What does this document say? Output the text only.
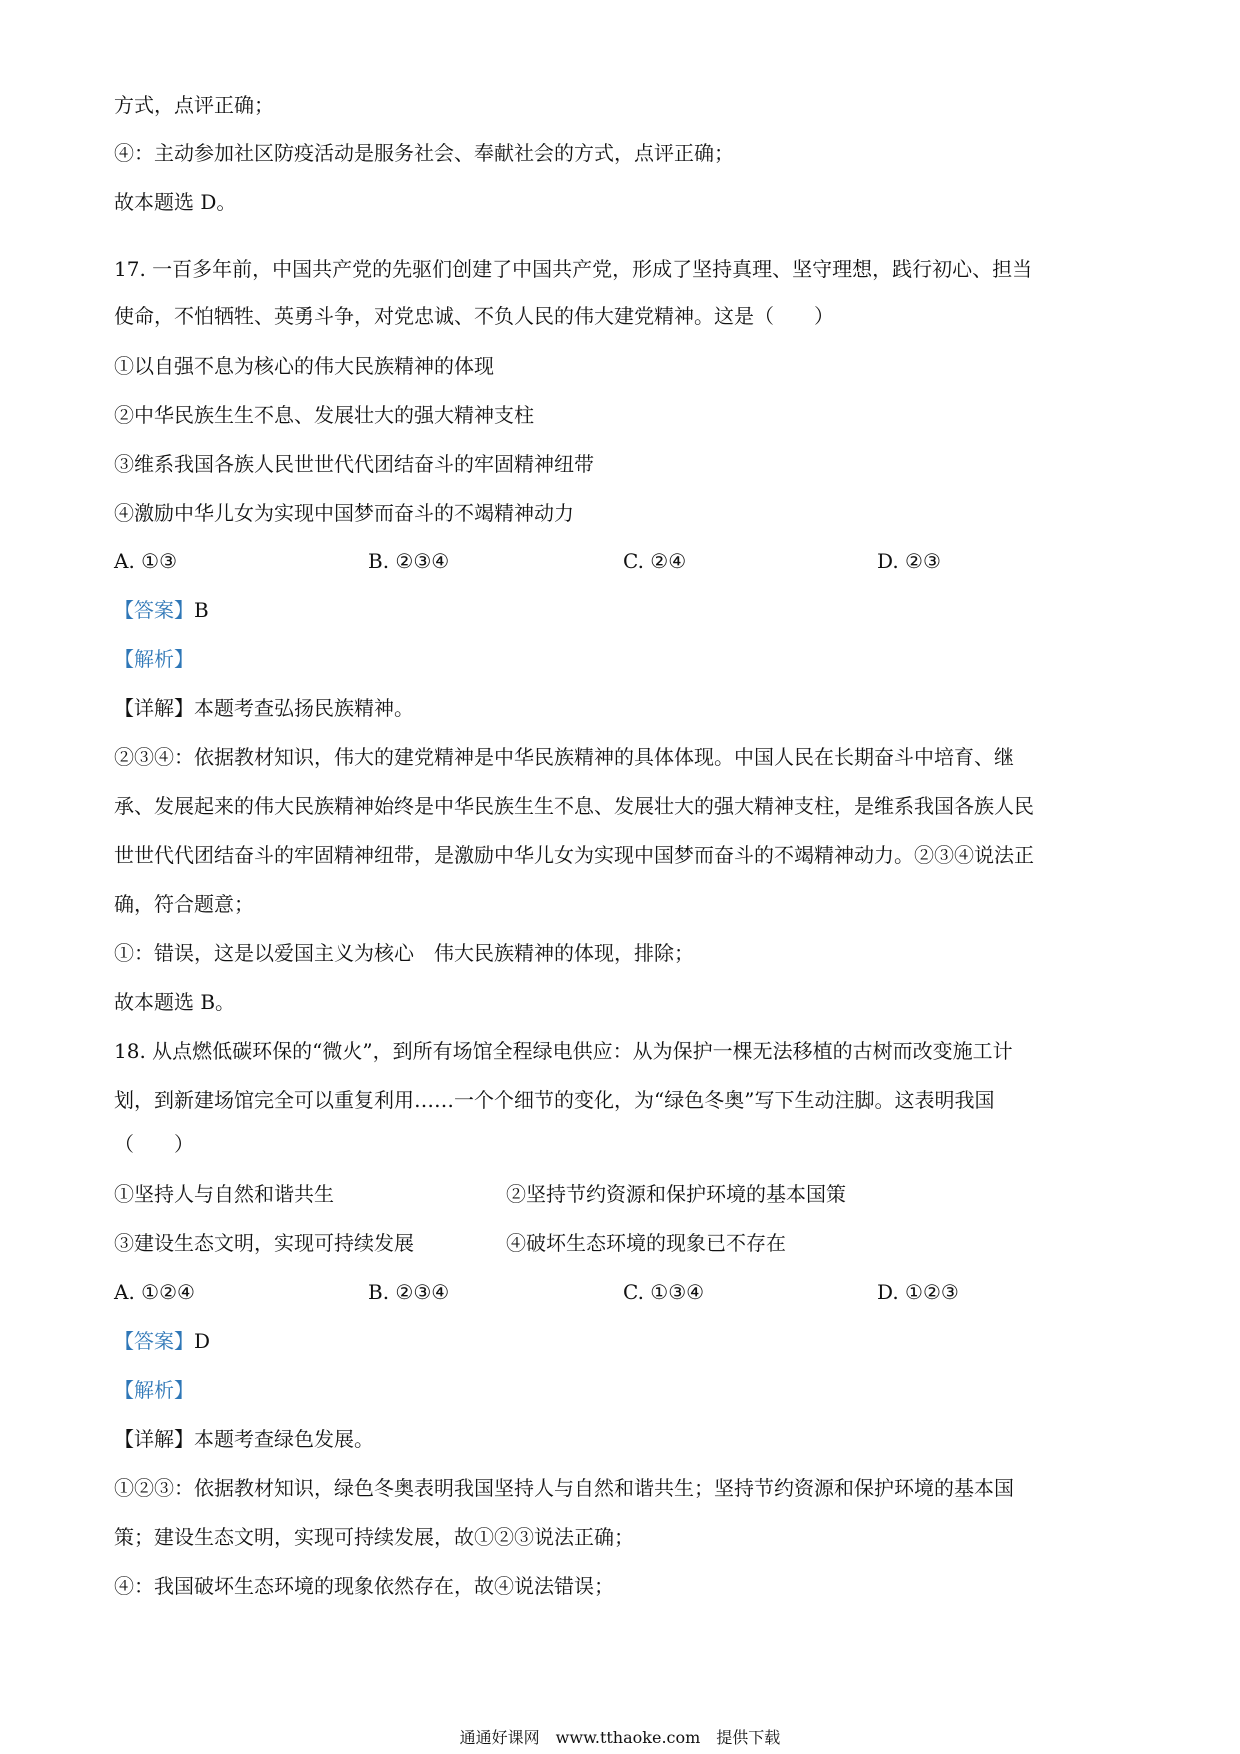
方式，点评正确；
④：主动参加社区防疫活动是服务社会、奉献社会的方式，点评正确；
故本题选 D。
17. 一百多年前，中国共产党的先驱们创建了中国共产党，形成了坚持真理、坚守理想，践行初心、担当
使命，不怕牺牲、英勇斗争，对党忠诚、不负人民的伟大建党精神。这是（　　）
①以自强不息为核心的伟大民族精神的体现
②中华民族生生不息、发展壮大的强大精神支柱
③维系我国各族人民世世代代团结奋斗的牢固精神纽带
④激励中华儿女为实现中国梦而奋斗的不竭精神动力
A. ①③	B. ②③④	C. ②④	D. ②③
【答案】B
【解析】
【详解】本题考查弘扬民族精神。
②③④：依据教材知识，伟大的建党精神是中华民族精神的具体体现。中国人民在长期奋斗中培育、继
承、发展起来的伟大民族精神始终是中华民族生生不息、发展壮大的强大精神支柱，是维系我国各族人民
世世代代团结奋斗的牢固精神纽带，是激励中华儿女为实现中国梦而奋斗的不竭精神动力。②③④说法正
确，符合题意；
①：错误，这是以爱国主义为核心　伟大民族精神的体现，排除；
故本题选 B。
18. 从点燃低碳环保的“微火”，到所有场馆全程绿电供应：从为保护一棵无法移植的古树而改变施工计
划，到新建场馆完全可以重复利用……一个个细节的变化，为“绿色冬奥”写下生动注脚。这表明我国
（　　）
①坚持人与自然和谐共生	②坚持节约资源和保护环境的基本国策
③建设生态文明，实现可持续发展	④破坏生态环境的现象已不存在
A. ①②④	B. ②③④	C. ①③④	D. ①②③
【答案】D
【解析】
【详解】本题考查绿色发展。
①②③：依据教材知识，绿色冬奥表明我国坚持人与自然和谐共生；坚持节约资源和保护环境的基本国
策；建设生态文明，实现可持续发展，故①②③说法正确；
④：我国破坏生态环境的现象依然存在，故④说法错误；
通通好课网　www.tthaoke.com　提供下载
